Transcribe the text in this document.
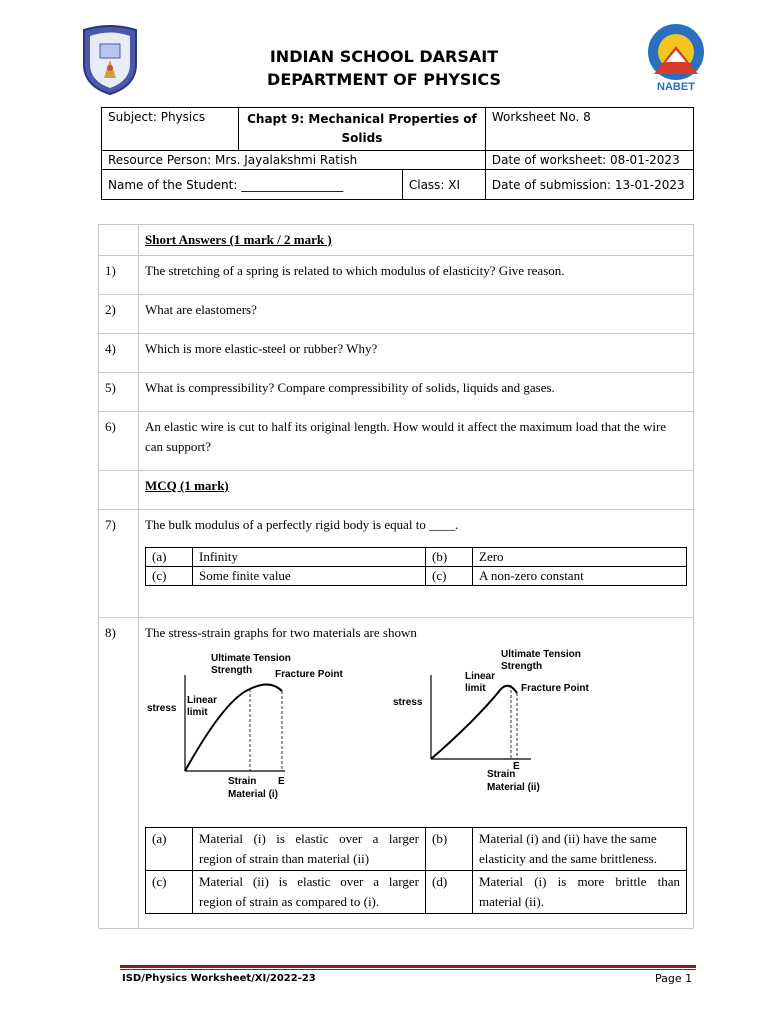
INDIAN SCHOOL DARSAIT
DEPARTMENT OF PHYSICS	NABET
Subject: Physics	Chapt 9: Mechanical Properties of Solids		Worksheet No. 8
Resource Person: Mrs. Jayalakshmi Ratish			Date of worksheet: 08-01-2023
Name of the Student: _________________		Class: XI	Date of submission: 13-01-2023
	Short Answers (1 mark / 2 mark )
1)	The stretching of a spring is related to which modulus of elasticity? Give reason.
2)	What are elastomers?
4)	Which is more elastic-steel or rubber? Why?
5)	What is compressibility? Compare compressibility of solids, liquids and gases.
6)	An elastic wire is cut to half its original length. How would it affect the maximum load that the wire can support?
	MCQ (1 mark)
7)	The bulk modulus of a perfectly rigid body is equal to ____.
(a)	Infinity	(b)	Zero
(c)	Some finite value	(c)	A non-zero constant

8)	The stress-strain graphs for two materials are shown
Ultimate Tension
Strength Fracture Point
stress
Linear
limit
Strain E
Material (i)
Ultimate Tension
Strength
Fracture Point
stress
Linear
limit
Strain
E
Material (ii)
(a)	Material (i) is elastic over a larger
region of strain than material (ii)
	(b)	Material (i) and (ii) have the same
elasticity and the same brittleness.

(c)	Material (ii) is elastic over a larger
region of strain as compared to (i).
	(d)	Material (i) is more brittle than
material (ii).
ISD/Physics Worksheet/XI/2022-23	Page 1
